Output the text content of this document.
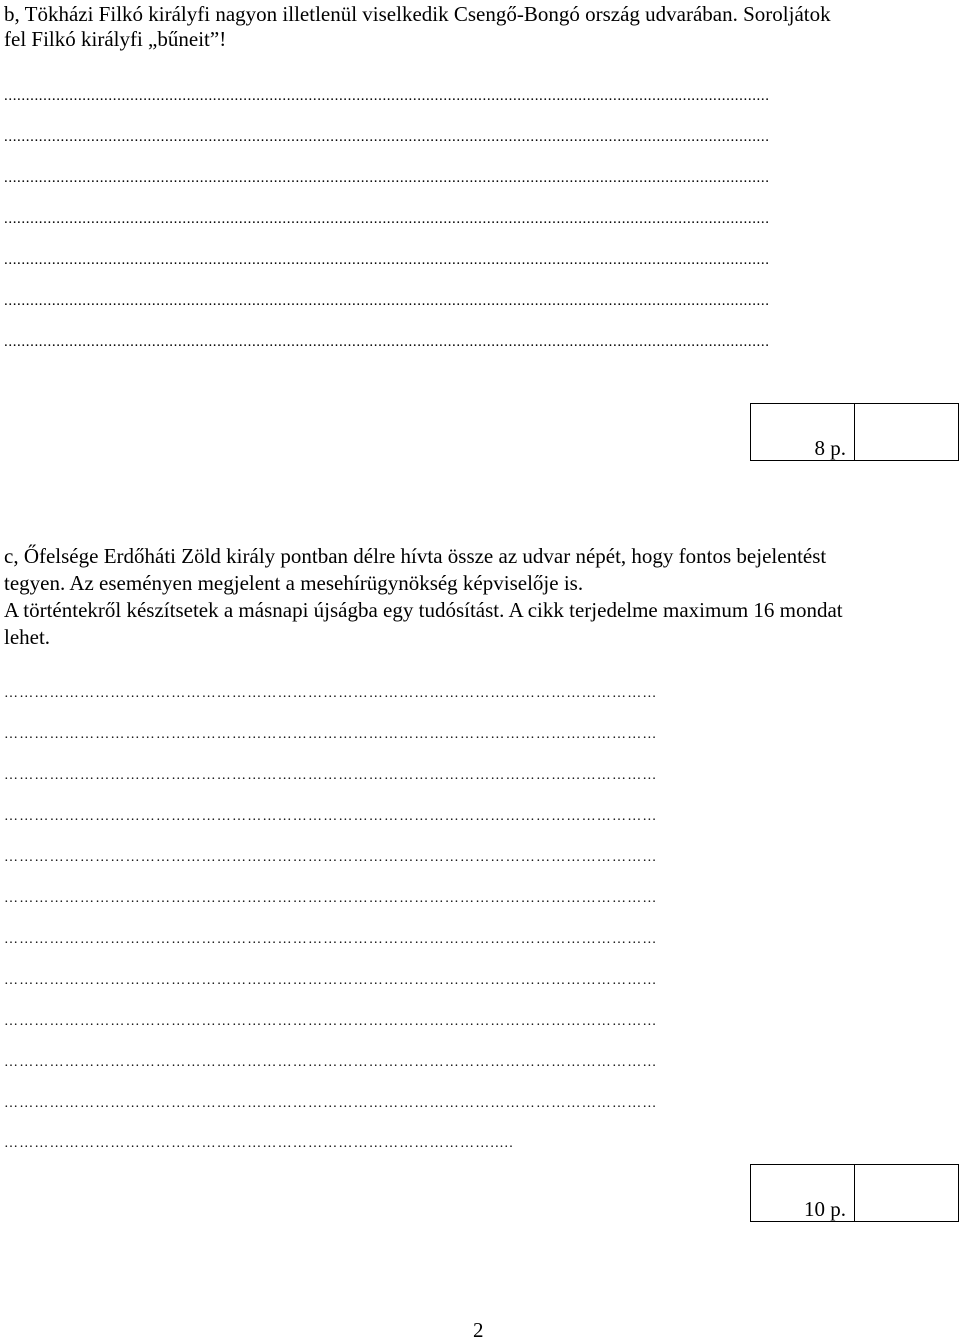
b, Tökházi Filkó királyfi nagyon illetlenül viselkedik Csengő-Bongó ország udvarában. Soroljátok
fel Filkó királyfi „bűneit”!
................................................................................................................................................................................
................................................................................................................................................................................
................................................................................................................................................................................
................................................................................................................................................................................
................................................................................................................................................................................
................................................................................................................................................................................
................................................................................................................................................................................
8 p.
c, Őfelsége Erdőháti Zöld király pontban délre hívta össze az udvar népét, hogy fontos bejelentést
tegyen. Az eseményen megjelent a mesehírügynökség képviselője is.
A történtekről készítsetek a másnapi újságba egy tudósítást. A cikk terjedelme maximum 16 mondat
lehet.
…………………………………………………………………………………………………………………
…………………………………………………………………………………………………………………
…………………………………………………………………………………………………………………
…………………………………………………………………………………………………………………
…………………………………………………………………………………………………………………
…………………………………………………………………………………………………………………
…………………………………………………………………………………………………………………
…………………………………………………………………………………………………………………
…………………………………………………………………………………………………………………
…………………………………………………………………………………………………………………
…………………………………………………………………………………………………………………
…………………………………………………………………………………….....
10 p.
2
